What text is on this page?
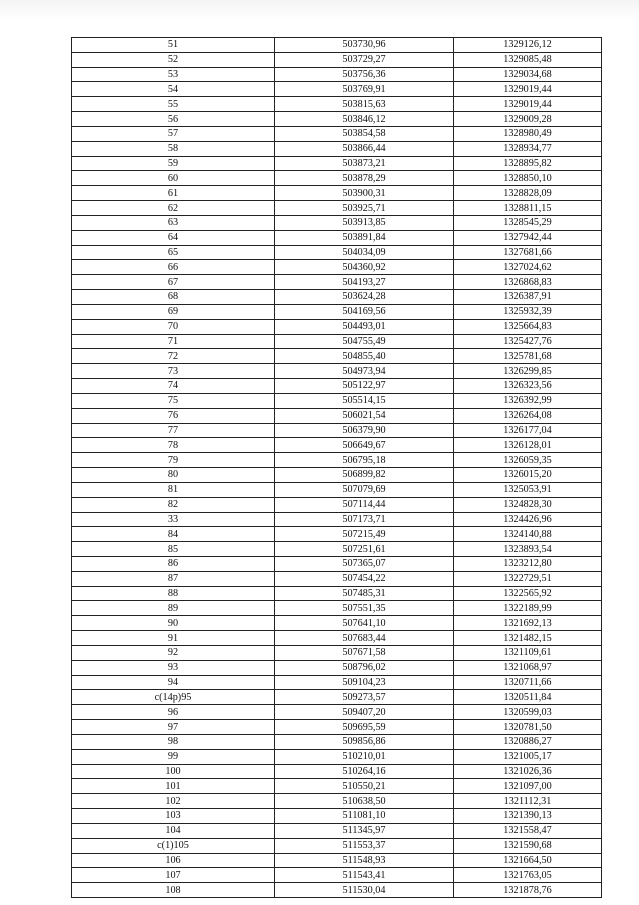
51	503730,96	1329126,12
52	503729,27	1329085,48
53	503756,36	1329034,68
54	503769,91	1329019,44
55	503815,63	1329019,44
56	503846,12	1329009,28
57	503854,58	1328980,49
58	503866,44	1328934,77
59	503873,21	1328895,82
60	503878,29	1328850,10
61	503900,31	1328828,09
62	503925,71	1328811,15
63	503913,85	1328545,29
64	503891,84	1327942,44
65	504034,09	1327681,66
66	504360,92	1327024,62
67	504193,27	1326868,83
68	503624,28	1326387,91
69	504169,56	1325932,39
70	504493,01	1325664,83
71	504755,49	1325427,76
72	504855,40	1325781,68
73	504973,94	1326299,85
74	505122,97	1326323,56
75	505514,15	1326392,99
76	506021,54	1326264,08
77	506379,90	1326177,04
78	506649,67	1326128,01
79	506795,18	1326059,35
80	506899,82	1326015,20
81	507079,69	1325053,91
82	507114,44	1324828,30
33	507173,71	1324426,96
84	507215,49	1324140,88
85	507251,61	1323893,54
86	507365,07	1323212,80
87	507454,22	1322729,51
88	507485,31	1322565,92
89	507551,35	1322189,99
90	507641,10	1321692,13
91	507683,44	1321482,15
92	507671,58	1321109,61
93	508796,02	1321068,97
94	509104,23	1320711,66
c(14p)95	509273,57	1320511,84
96	509407,20	1320599,03
97	509695,59	1320781,50
98	509856,86	1320886,27
99	510210,01	1321005,17
100	510264,16	1321026,36
101	510550,21	1321097,00
102	510638,50	1321112,31
103	511081,10	1321390,13
104	511345,97	1321558,47
c(1)105	511553,37	1321590,68
106	511548,93	1321664,50
107	511543,41	1321763,05
108	511530,04	1321878,76
